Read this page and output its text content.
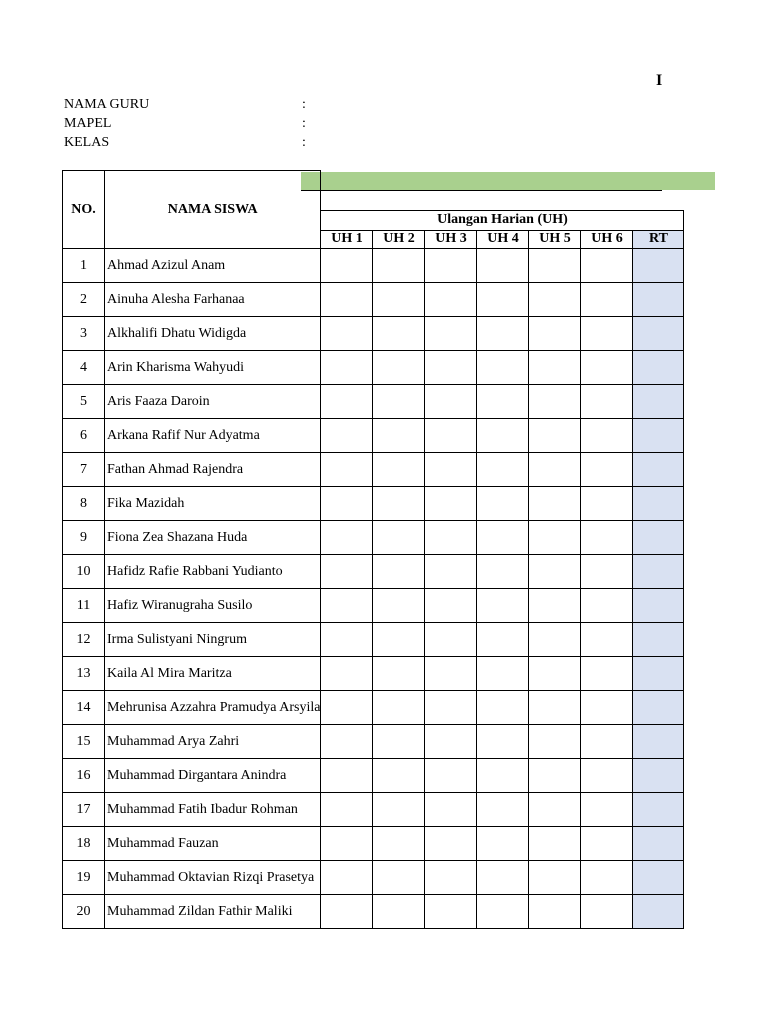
I
NAMA GURU	:
MAPEL	:
KELAS	:
NO.	NAMA SISWA							
		Ulangan Harian (UH)						
		UH 1	UH 2	UH 3	UH 4	UH 5	UH 6	RT
1	Ahmad Azizul Anam							
2	Ainuha Alesha Farhanaa							
3	Alkhalifi Dhatu Widigda							
4	Arin Kharisma Wahyudi							
5	Aris Faaza Daroin							
6	Arkana Rafif Nur Adyatma							
7	Fathan Ahmad Rajendra							
8	Fika Mazidah							
9	Fiona Zea Shazana Huda							
10	Hafidz Rafie Rabbani Yudianto							
11	Hafiz Wiranugraha Susilo							
12	Irma Sulistyani Ningrum							
13	Kaila Al Mira Maritza							
14	Mehrunisa Azzahra Pramudya Arsyila							
15	Muhammad Arya Zahri							
16	Muhammad Dirgantara Anindra							
17	Muhammad Fatih Ibadur Rohman							
18	Muhammad Fauzan							
19	Muhammad Oktavian Rizqi Prasetya							
20	Muhammad Zildan Fathir Maliki							
